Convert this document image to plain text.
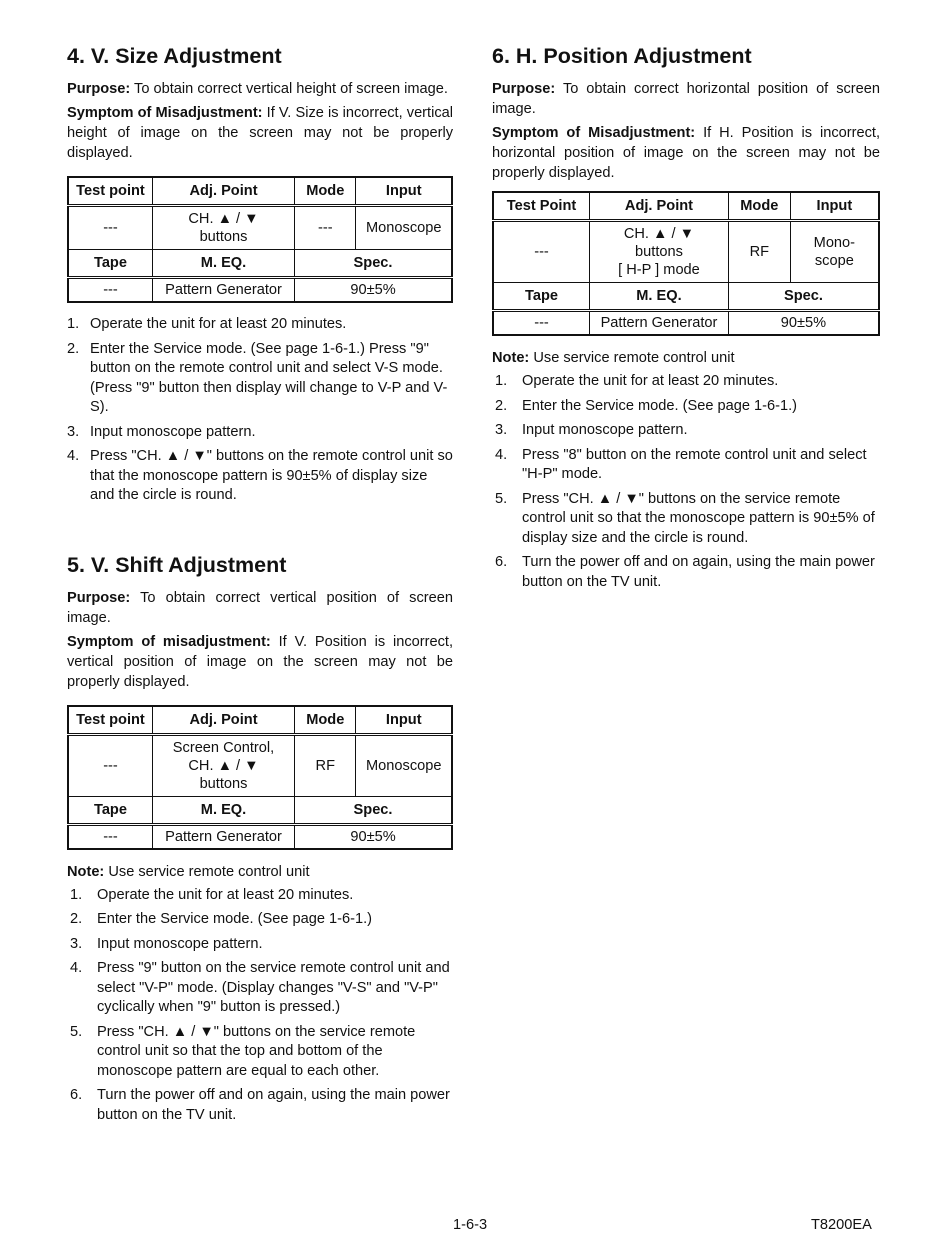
4. V. Size Adjustment

Purpose: To obtain correct vertical height of screen image.

Symptom of Misadjustment: If V. Size is incorrect, vertical height of image on the screen may not be properly displayed.

Test point	Adj. Point	Mode	Input
---	CH. ▲ / ▼
buttons	---	Monoscope
Tape	M. EQ.	Spec.	
---	Pattern Generator	90±5%	
1. Operate the unit for at least 20 minutes.
2. Enter the Service mode. (See page 1-6-1.) Press "9" button on the remote control unit and select V-S mode. (Press "9" button then display will change to V-P and V-S).
3. Input monoscope pattern.
4. Press "CH. ▲ / ▼" buttons on the remote control unit so that the monoscope pattern is 90±5% of display size and the circle is round.
5. V. Shift Adjustment

Purpose: To obtain correct vertical position of screen image.

Symptom of misadjustment: If V. Position is incorrect, vertical position of image on the screen may not be properly displayed.

Test point	Adj. Point	Mode	Input
---	Screen Control,
CH. ▲ / ▼
buttons	RF	Monoscope
Tape	M. EQ.	Spec.	
---	Pattern Generator	90±5%	

Note: Use service remote control unit

1. Operate the unit for at least 20 minutes.
2. Enter the Service mode. (See page 1-6-1.)
3. Input monoscope pattern.
4. Press "9" button on the service remote control unit and select "V-P" mode. (Display changes "V-S" and "V-P" cyclically when "9" button is pressed.)
5. Press "CH. ▲ / ▼" buttons on the service remote control unit so that the top and bottom of the monoscope pattern are equal to each other.
6. Turn the power off and on again, using the main power button on the TV unit.
6. H. Position Adjustment

Purpose: To obtain correct horizontal position of screen image.

Symptom of Misadjustment: If H. Position is incorrect, horizontal position of image on the screen may not be properly displayed.

Test Point	Adj. Point	Mode	Input
---	CH. ▲ / ▼
buttons
[ H-P ] mode	RF	Mono-
scope
Tape	M. EQ.	Spec.	
---	Pattern Generator	90±5%	

Note: Use service remote control unit

1. Operate the unit for at least 20 minutes.
2. Enter the Service mode. (See page 1-6-1.)
3. Input monoscope pattern.
4. Press "8" button on the remote control unit and select "H-P" mode.
5. Press "CH. ▲ / ▼" buttons on the service remote control unit so that the monoscope pattern is 90±5% of display size and the circle is round.
6. Turn the power off and on again, using the main power button on the TV unit.
1-6-3	T8200EA
